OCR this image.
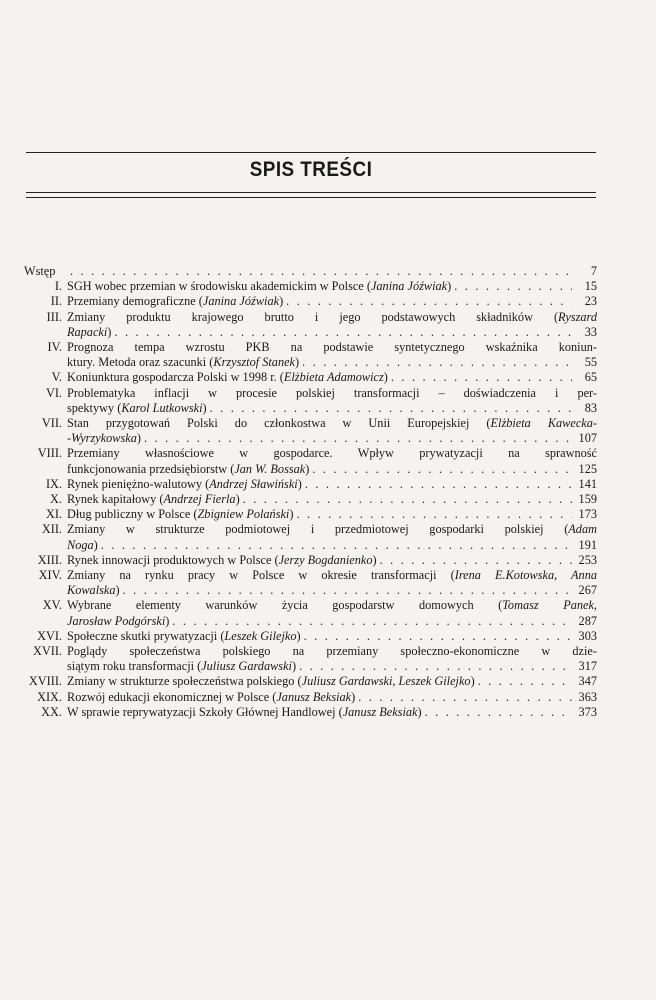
SPIS TREŚCI
Wstęp . . .	7
I. SGH wobec przemian w środowisku akademickim w Polsce (Janina Jóźwiak) . . .	15
II. Przemiany demograficzne (Janina Jóźwiak) . . .	23
III. Zmiany produktu krajowego brutto i jego podstawowych składników (Ryszard
Rapacki) . . .	33
IV. Prognoza tempa wzrostu PKB na podstawie syntetycznego wskaźnika koniun-
ktury. Metoda oraz szacunki (Krzysztof Stanek) . . .	55
V. Koniunktura gospodarcza Polski w 1998 r. (Elżbieta Adamowicz) . . .	65
VI. Problematyka inflacji w procesie polskiej transformacji – doświadczenia i per-
spektywy (Karol Lutkowski) . . .	83
VII. Stan przygotowań Polski do członkostwa w Unii Europejskiej (Elżbieta Kawecka-
-Wyrzykowska) . . .	107
VIII. Przemiany własnościowe w gospodarce. Wpływ prywatyzacji na sprawność
funkcjonowania przedsiębiorstw (Jan W. Bossak) . . .	125
IX. Rynek pieniężno-walutowy (Andrzej Sławiński) . . .	141
X. Rynek kapitałowy (Andrzej Fierla) . . .	159
XI. Dług publiczny w Polsce (Zbigniew Polański) . . .	173
XII. Zmiany w strukturze podmiotowej i przedmiotowej gospodarki polskiej (Adam
Noga) . . .	191
XIII. Rynek innowacji produktowych w Polsce (Jerzy Bogdanienko) . . .	253
XIV. Zmiany na rynku pracy w Polsce w okresie transformacji (Irena E.Kotowska, Anna
Kowalska) . . .	267
XV. Wybrane elementy warunków życia gospodarstw domowych (Tomasz Panek,
Jarosław Podgórski) . . .	287
XVI. Społeczne skutki prywatyzacji (Leszek Gilejko) . . .	303
XVII. Poglądy społeczeństwa polskiego na przemiany społeczno-ekonomiczne w dzie-
siątym roku transformacji (Juliusz Gardawski) . . .	317
XVIII. Zmiany w strukturze społeczeństwa polskiego (Juliusz Gardawski, Leszek Gilejko) . . .	347
XIX. Rozwój edukacji ekonomicznej w Polsce (Janusz Beksiak) . . .	363
XX. W sprawie reprywatyzacji Szkoły Głównej Handlowej (Janusz Beksiak) . . .	373
